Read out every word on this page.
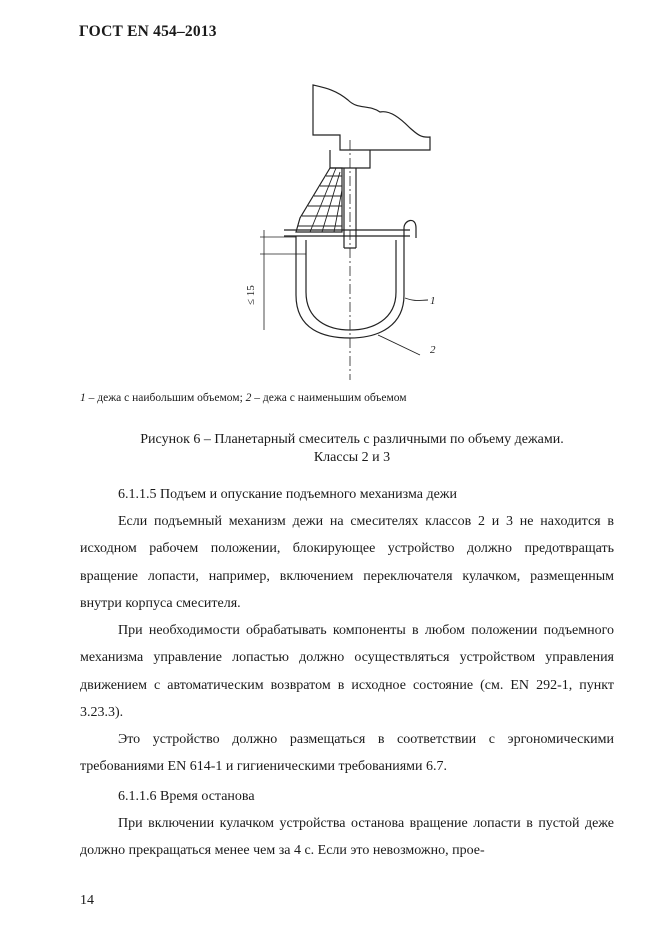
ГОСТ EN 454–2013
≤ 15	1
2
1 – дежа с наибольшим объемом; 2 – дежа с наименьшим объемом
Рисунок 6 – Планетарный смеситель с различными по объему дежами.
Классы 2 и 3
6.1.1.5 Подъем и опускание подъемного механизма дежи
Если подъемный механизм дежи на смесителях классов 2 и 3 не находится в исходном рабочем положении, блокирующее устройство должно предотвращать вращение лопасти, например, включением переключателя кулачком, размещенным внутри корпуса смесителя.
При необходимости обрабатывать компоненты в любом положении подъемного механизма управление лопастью должно осуществляться устройством управления движением с автоматическим возвратом в исходное состояние (см. EN 292-1, пункт 3.23.3).
Это устройство должно размещаться в соответствии с эргономическими требованиями EN 614-1 и гигиеническими требованиями 6.7.
6.1.1.6 Время останова
При включении кулачком устройства останова вращение лопасти в пустой деже должно прекращаться менее чем за 4 с. Если это невозможно, прое-
14
